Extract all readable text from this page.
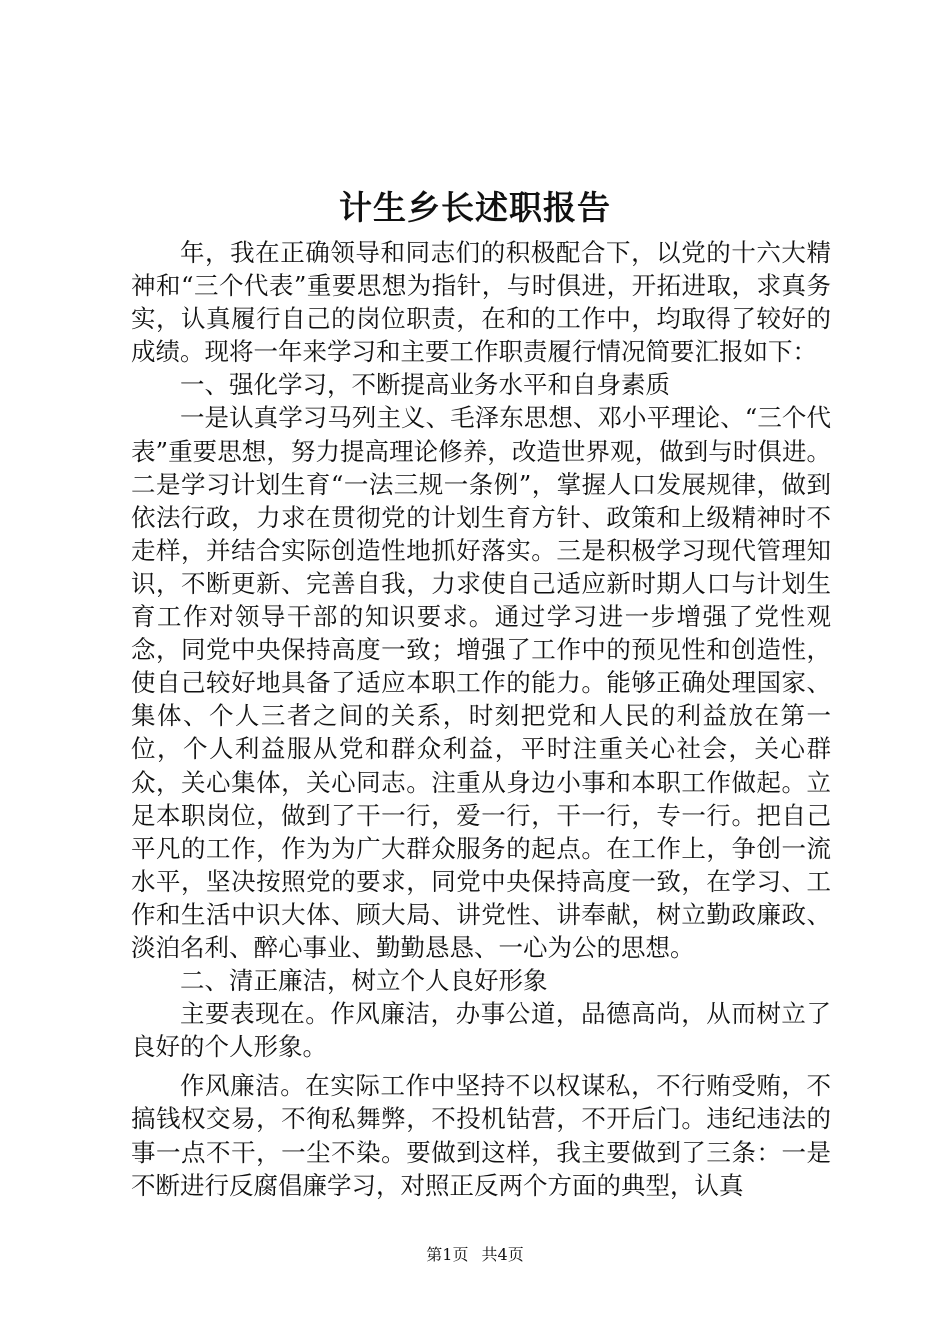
计生乡长述职报告

年，我在正确领导和同志们的积极配合下，以党的十六大精神和“三个代表”重要思想为指针，与时俱进，开拓进取，求真务实，认真履行自己的岗位职责，在和的工作中，均取得了较好的成绩。现将一年来学习和主要工作职责履行情况简要汇报如下：

一、强化学习，不断提高业务水平和自身素质

一是认真学习马列主义、毛泽东思想、邓小平理论、“三个代表”重要思想，努力提高理论修养，改造世界观，做到与时俱进。二是学习计划生育“一法三规一条例”，掌握人口发展规律，做到依法行政，力求在贯彻党的计划生育方针、政策和上级精神时不走样，并结合实际创造性地抓好落实。三是积极学习现代管理知识，不断更新、完善自我，力求使自己适应新时期人口与计划生育工作对领导干部的知识要求。通过学习进一步增强了党性观念，同党中央保持高度一致；增强了工作中的预见性和创造性，使自己较好地具备了适应本职工作的能力。能够正确处理国家、集体、个人三者之间的关系，时刻把党和人民的利益放在第一位，个人利益服从党和群众利益，平时注重关心社会，关心群众，关心集体，关心同志。注重从身边小事和本职工作做起。立足本职岗位，做到了干一行，爱一行，干一行，专一行。把自己平凡的工作，作为为广大群众服务的起点。在工作上，争创一流水平，坚决按照党的要求，同党中央保持高度一致，在学习、工作和生活中识大体、顾大局、讲党性、讲奉献，树立勤政廉政、淡泊名利、醉心事业、勤勤恳恳、一心为公的思想。

二、清正廉洁，树立个人良好形象

主要表现在。作风廉洁，办事公道，品德高尚，从而树立了良好的个人形象。

作风廉洁。在实际工作中坚持不以权谋私，不行贿受贿，不搞钱权交易，不徇私舞弊，不投机钻营，不开后门。违纪违法的事一点不干，一尘不染。要做到这样，我主要做到了三条：一是不断进行反腐倡廉学习，对照正反两个方面的典型，认真

第1页 共4页
